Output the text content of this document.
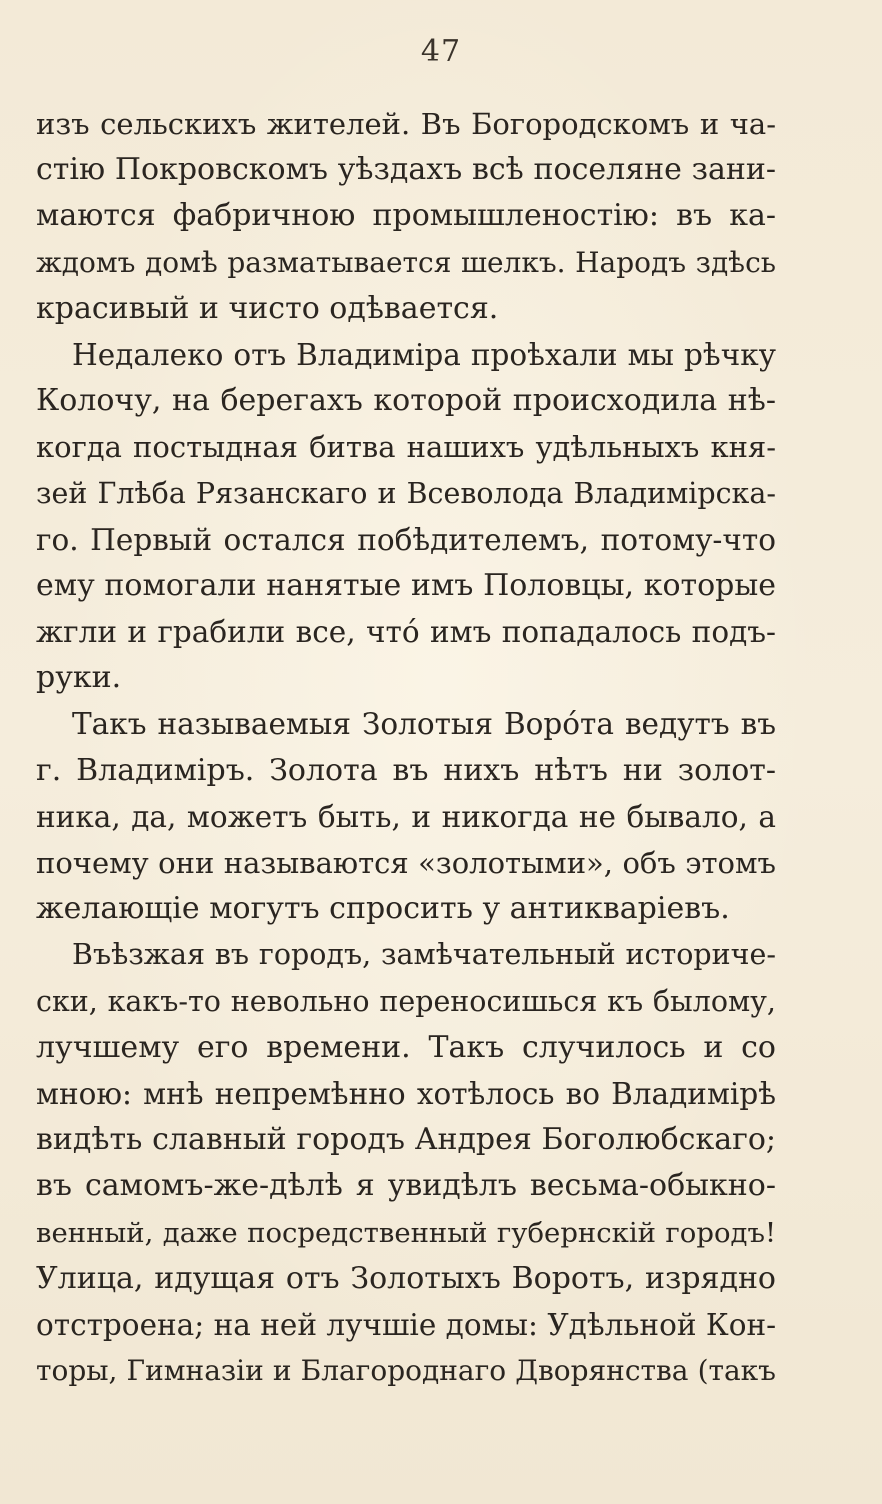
47
изъ сельскихъ жителей. Въ Богородскомъ и ча-
стію Покровскомъ уѣздахъ всѣ поселяне зани-
маются фабричною промышленостію: въ ка-
ждомъ домѣ разматывается шелкъ. Народъ здѣсь
красивый и чисто одѣвается.
Недалеко отъ Владиміра проѣхали мы рѣчку
Колочу, на берегахъ которой происходила нѣ-
когда постыдная битва нашихъ удѣльныхъ кня-
зей Глѣба Рязанскаго и Всеволода Владимірска-
го. Первый остался побѣдителемъ, потому-что
ему помогали нанятые имъ Половцы, которые
жгли и грабили все, чтó имъ попадалось подъ-
руки.
Такъ называемыя Золотыя Ворóта ведутъ въ
г. Владиміръ. Золота въ нихъ нѣтъ ни золот-
ника, да, можетъ быть, и никогда не бывало, а
почему они называются «золотыми», объ этомъ
желающіе могутъ спросить у антикваріевъ.
Въѣзжая въ городъ, замѣчательный историче-
ски, какъ-то невольно переносишься къ былому,
лучшему его времени. Такъ случилось и со
мною: мнѣ непремѣнно хотѣлось во Владимірѣ
видѣть славный городъ Андрея Боголюбскаго;
въ самомъ-же-дѣлѣ я увидѣлъ весьма-обыкно-
венный, даже посредственный губернскій городъ!
Улица, идущая отъ Золотыхъ Воротъ, изрядно
отстроена; на ней лучшіе домы: Удѣльной Кон-
торы, Гимназіи и Благороднаго Дворянства (такъ
